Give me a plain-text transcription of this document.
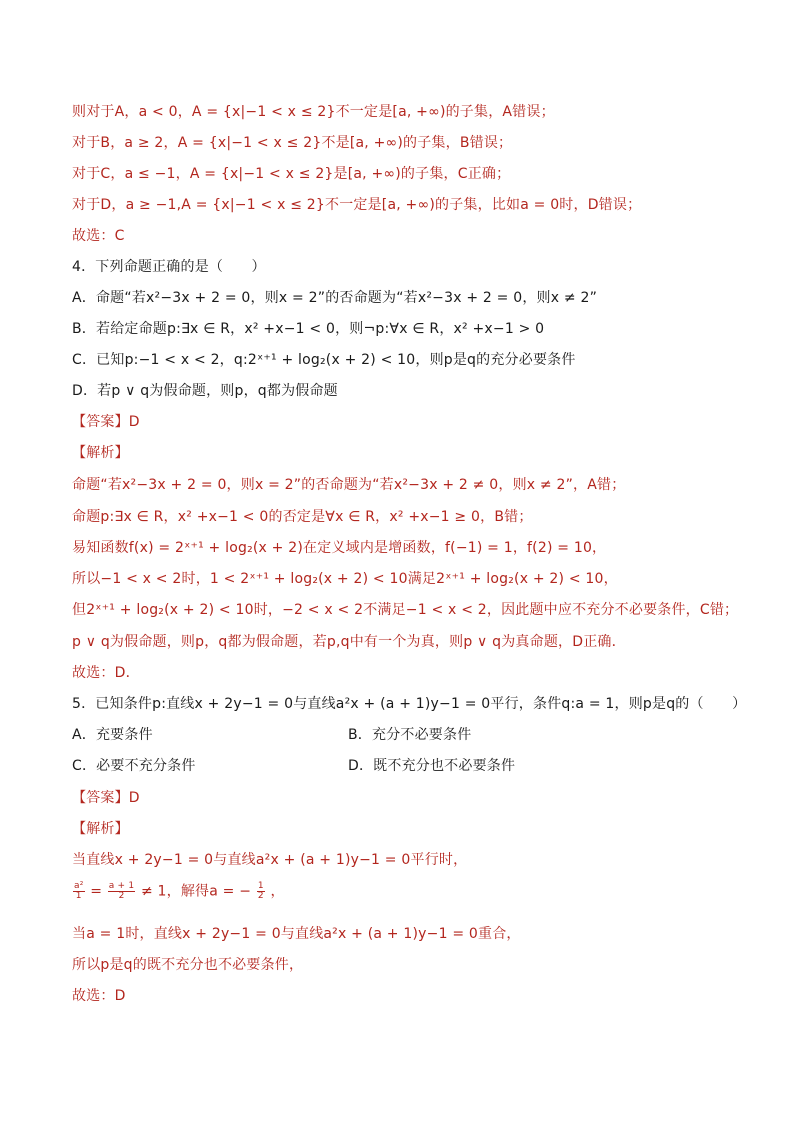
则对于A，a < 0，A = {x|−1 < x ≤ 2}不一定是[a, +∞)的子集，A错误；
对于B，a ≥ 2，A = {x|−1 < x ≤ 2}不是[a, +∞)的子集，B错误；
对于C，a ≤ −1，A = {x|−1 < x ≤ 2}是[a, +∞)的子集，C正确；
对于D，a ≥ −1,A = {x|−1 < x ≤ 2}不一定是[a, +∞)的子集，比如a = 0时，D错误；
故选：C
4．下列命题正确的是（　　）
A．命题“若x²−3x + 2 = 0，则x = 2”的否命题为“若x²−3x + 2 = 0，则x ≠ 2”
B．若给定命题p:∃x ∈ R，x² +x−1 < 0，则¬p:∀x ∈ R，x² +x−1 > 0
C．已知p:−1 < x < 2，q:2ˣ⁺¹ + log₂(x + 2) < 10，则p是q的充分必要条件
D．若p ∨ q为假命题，则p，q都为假命题
【答案】D
【解析】
命题“若x²−3x + 2 = 0，则x = 2”的否命题为“若x²−3x + 2 ≠ 0，则x ≠ 2”，A错；
命题p:∃x ∈ R，x² +x−1 < 0的否定是∀x ∈ R，x² +x−1 ≥ 0，B错；
易知函数f(x) = 2ˣ⁺¹ + log₂(x + 2)在定义域内是增函数，f(−1) = 1，f(2) = 10，
所以−1 < x < 2时，1 < 2ˣ⁺¹ + log₂(x + 2) < 10满足2ˣ⁺¹ + log₂(x + 2) < 10，
但2ˣ⁺¹ + log₂(x + 2) < 10时，−2 < x < 2不满足−1 < x < 2，因此题中应不充分不必要条件，C错；
p ∨ q为假命题，则p，q都为假命题，若p,q中有一个为真，则p ∨ q为真命题，D正确．
故选：D．
5．已知条件p:直线x + 2y−1 = 0与直线a²x + (a + 1)y−1 = 0平行，条件q:a = 1，则p是q的（　　）
A．充要条件	B．充分不必要条件
C．必要不充分条件	D．既不充分也不必要条件
【答案】D
【解析】
当直线x + 2y−1 = 0与直线a²x + (a + 1)y−1 = 0平行时，
$\frac{\text{a²}}{1} = \frac{a + 1}{2} \ne 1$，解得a = − $\frac{1}{2}$ ，
当a = 1时，直线x + 2y−1 = 0与直线a²x + (a + 1)y−1 = 0重合，
所以p是q的既不充分也不必要条件，
故选：D
